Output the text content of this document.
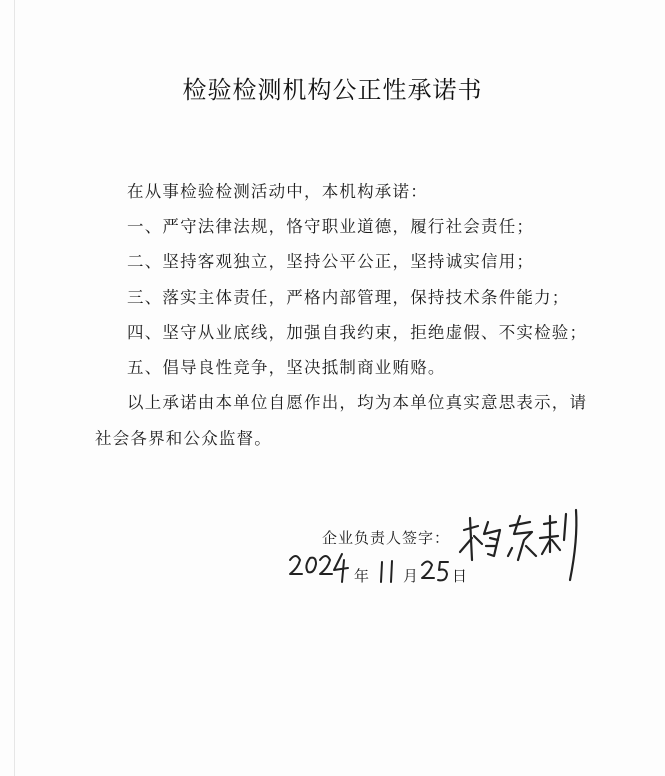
检验检测机构公正性承诺书
在从事检验检测活动中，本机构承诺：
一、严守法律法规，恪守职业道德，履行社会责任；
二、坚持客观独立，坚持公平公正，坚持诚实信用；
三、落实主体责任，严格内部管理，保持技术条件能力；
四、坚守从业底线，加强自我约束，拒绝虚假、不实检验；
五、倡导良性竞争，坚决抵制商业贿赂。
以上承诺由本单位自愿作出，均为本单位真实意思表示，请
社会各界和公众监督。
企业负责人签字：
年 月 日
